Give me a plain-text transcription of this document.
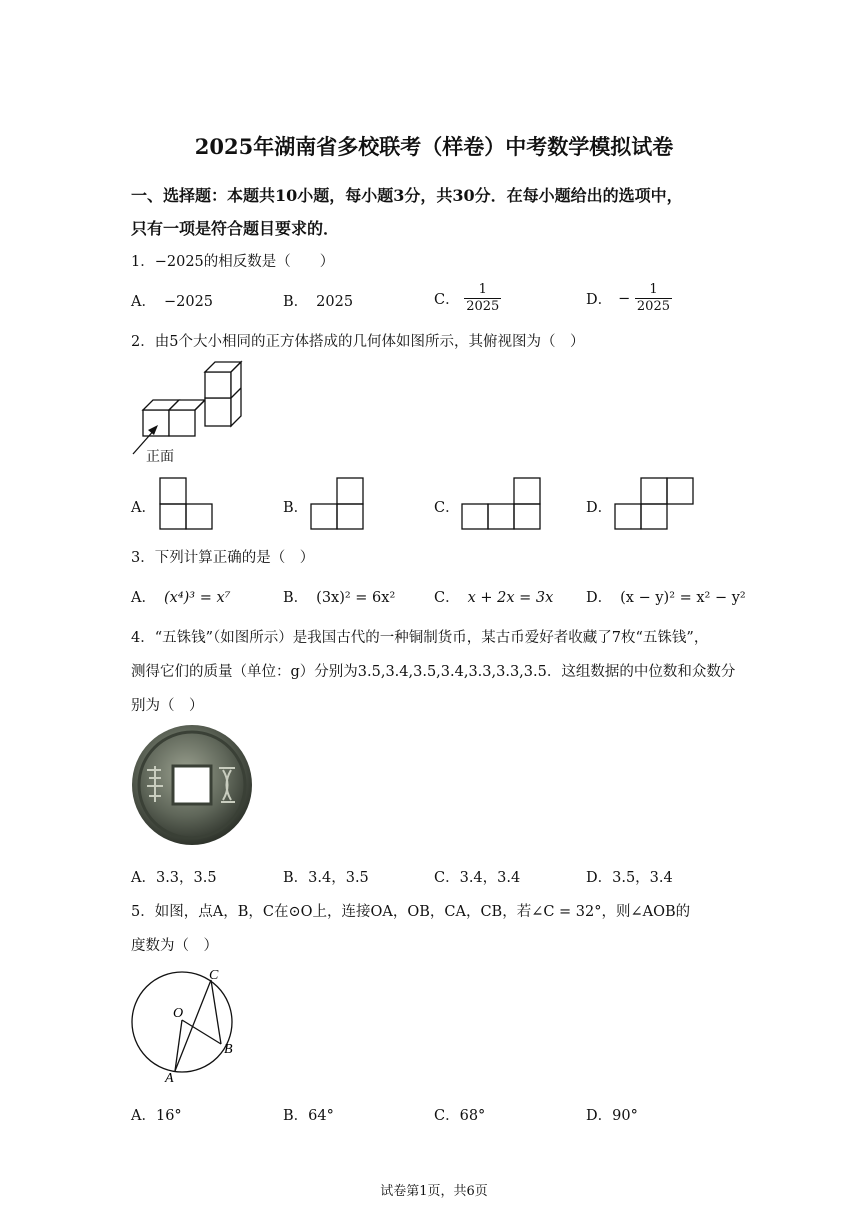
2025年湖南省多校联考（样卷）中考数学模拟试卷
一、选择题：本题共10小题，每小题3分，共30分．在每小题给出的选项中，
只有一项是符合题目要求的．
1．−2025的相反数是（　　）
A． −2025	B． 2025	C． $\frac{1}{2025}$	D． − $\frac{1}{2025}$
2．由5个大小相同的正方体搭成的几何体如图所示，其俯视图为（　）
正面
A．	B．	C．	D．
3．下列计算正确的是（　）
A． (x⁴)³ = x⁷	B． (3x)² = 6x²	C． x + 2x = 3x D． (x − y)² = x² − y²
4．“五铢钱”（如图所示）是我国古代的一种铜制货币，某古币爱好者收藏了7枚“五铢钱”，
测得它们的质量（单位：g）分别为3.5,3.4,3.5,3.4,3.3,3.3,3.5．这组数据的中位数和众数分
别为（　）
A．3.3，3.5	B．3.4，3.5	C．3.4，3.4	D．3.5，3.4
5．如图，点A，B，C在⊙O上，连接OA，OB，CA，CB，若∠C = 32°，则∠AOB的
度数为（　）
C
O
B
A
A．16°	B．64°	C．68°	D．90°
试卷第1页，共6页
